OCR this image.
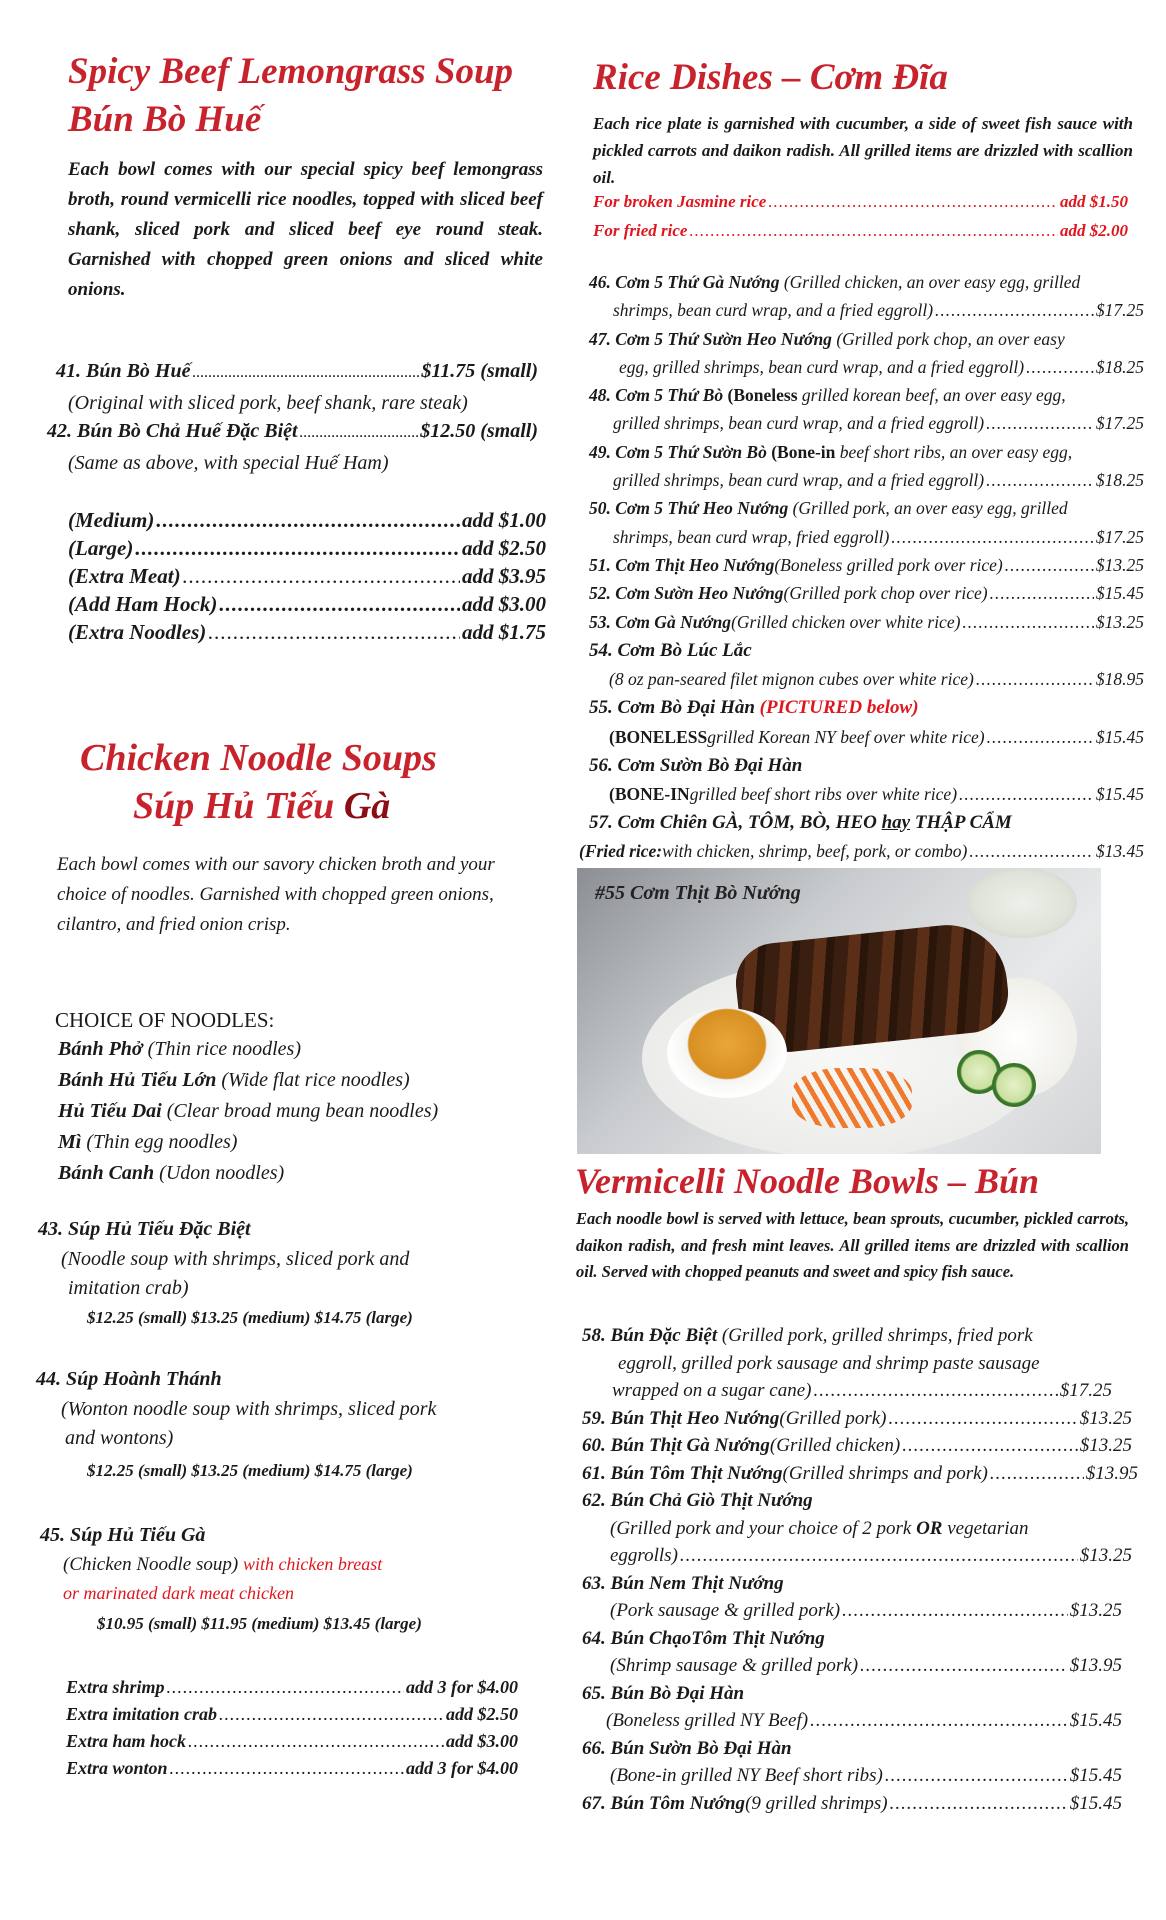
Spicy Beef Lemongrass Soup
Bún Bò Huế
Each bowl comes with our special spicy beef lemongrass broth, round vermicelli rice noodles, topped with sliced beef shank, sliced pork and sliced beef eye round steak. Garnished with chopped green onions and sliced white onions.
41.
Bún Bò Huế .....	$11.75 (small)
(Original with sliced pork, beef shank, rare steak)
42.
Bún Bò Chả Huế Đặc Biệt .....	$12.50 (small)
(Same as above, with special Huế Ham)
(Medium) .....	add $1.00
(Large) .....	add $2.50
(Extra Meat) .....	add $3.95
(Add Ham Hock) .....	add $3.00
(Extra Noodles) .....	add $1.75
Chicken Noodle Soups
Súp Hủ Tiếu Gà
Each bowl comes with our savory chicken broth and your choice of noodles. Garnished with chopped green onions, cilantro, and fried onion crisp.
CHOICE OF NOODLES:
Bánh Phở (Thin rice noodles)
Bánh Hủ Tiếu Lớn (Wide flat rice noodles)
Hủ Tiếu Dai (Clear broad mung bean noodles)
Mì (Thin egg noodles)
Bánh Canh (Udon noodles)
43. Súp Hủ Tiếu Đặc Biệt
(Noodle soup with shrimps, sliced pork and
imitation crab)
$12.25 (small) $13.25 (medium) $14.75 (large)
44. Súp Hoành Thánh
(Wonton noodle soup with shrimps, sliced pork
and wontons)
$12.25 (small) $13.25 (medium) $14.75 (large)
45. Súp Hủ Tiếu Gà
(Chicken Noodle soup) with chicken breast
or marinated dark meat chicken
$10.95 (small) $11.95 (medium) $13.45 (large)
Extra shrimp .....	add 3 for $4.00
Extra imitation crab .....	add $2.50
Extra ham hock .....	add $3.00
Extra wonton .....	add 3 for $4.00
Rice Dishes – Cơm Đĩa
Each rice plate is garnished with cucumber, a side of sweet fish sauce with pickled carrots and daikon radish. All grilled items are drizzled with scallion oil.
For broken Jasmine rice .....	add $1.50
For fried rice .....	add $2.00
46. Cơm 5 Thứ Gà Nướng (Grilled chicken, an over easy egg, grilled
shrimps, bean curd wrap, and a fried eggroll) .....	$17.25
47. Cơm 5 Thứ Sườn Heo Nướng (Grilled pork chop, an over easy
egg, grilled shrimps, bean curd wrap, and a fried eggroll) .....	$18.25
48. Cơm 5 Thứ Bò (Boneless grilled korean beef, an over easy egg,
grilled shrimps, bean curd wrap, and a fried eggroll) .....	$17.25
49. Cơm 5 Thứ Sườn Bò (Bone-in beef short ribs, an over easy egg,
grilled shrimps, bean curd wrap, and a fried eggroll) .....	$18.25
50. Cơm 5 Thứ Heo Nướng (Grilled pork, an over easy egg, grilled
shrimps, bean curd wrap, fried eggroll) .....	$17.25
51. Cơm Thịt Heo Nướng (Boneless grilled pork over rice) .....	$13.25
52. Cơm Sườn Heo Nướng (Grilled pork chop over rice) .....	$15.45
53. Cơm Gà Nướng (Grilled chicken over white rice) .....	$13.25
54. Cơm Bò Lúc Lắc
(8 oz pan-seared filet mignon cubes over white rice) .....	$18.95
55. Cơm Bò Đại Hàn (PICTURED below)
(BONELESS grilled Korean NY beef over white rice) .....	$15.45
56. Cơm Sườn Bò Đại Hàn
(BONE-IN grilled beef short ribs over white rice) .....	$15.45
57. Cơm Chiên GÀ, TÔM, BÒ, HEO hay THẬP CẨM
(Fried rice: with chicken, shrimp, beef, pork, or combo) .....	$13.45
#55 Cơm Thịt Bò Nướng
Vermicelli Noodle Bowls – Bún
Each noodle bowl is served with lettuce, bean sprouts, cucumber, pickled carrots, daikon radish, and fresh mint leaves. All grilled items are drizzled with scallion oil. Served with chopped peanuts and sweet and spicy fish sauce.
58. Bún Đặc Biệt (Grilled pork, grilled shrimps, fried pork
eggroll, grilled pork sausage and shrimp paste sausage
wrapped on a sugar cane) .....	$17.25
59. Bún Thịt Heo Nướng (Grilled pork) .....	$13.25
60. Bún Thịt Gà Nướng (Grilled chicken) .....	$13.25
61. Bún Tôm Thịt Nướng (Grilled shrimps and pork) .....	$13.95
62. Bún Chả Giò Thịt Nướng
(Grilled pork and your choice of 2 pork OR vegetarian
eggrolls) .....	$13.25
63. Bún Nem Thịt Nướng
(Pork sausage & grilled pork) .....	$13.25
64. Bún ChạoTôm Thịt Nướng
(Shrimp sausage & grilled pork) .....	$13.95
65. Bún Bò Đại Hàn
(Boneless grilled NY Beef) .....	$15.45
66. Bún Sườn Bò Đại Hàn
(Bone-in grilled NY Beef short ribs) .....	$15.45
67. Bún Tôm Nướng (9 grilled shrimps) .....	$15.45
